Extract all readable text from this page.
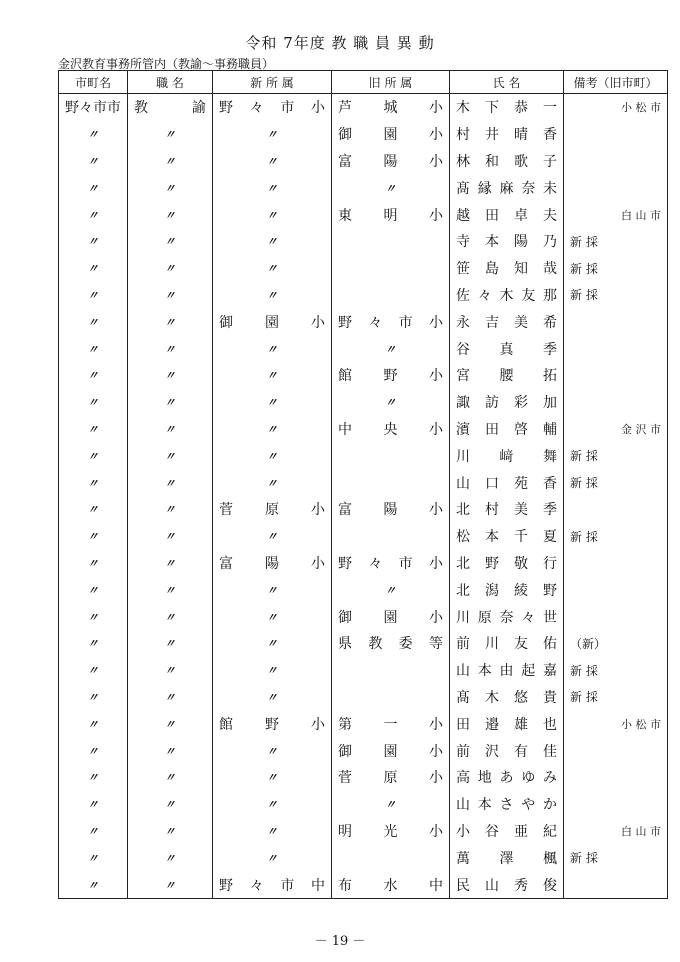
令和 7年度 教 職 員 異 動
金沢教育事務所管内（教諭～事務職員）
市町名	職 名	新 所 属	旧 所 属	氏 名	備考（旧市町）

野々市市	教 諭	野 々 市 小	芦 城 小	木 下 恭 一	小 松 市

〃	〃	〃	御 園 小	村 井 晴 香	

〃	〃	〃	富 陽 小	林 和 歌 子	

〃	〃	〃	〃	髙 縁 麻 奈 未	

〃	〃	〃	東 明 小	越 田 卓 夫	白 山 市

〃	〃	〃		寺 本 陽 乃	新 採

〃	〃	〃		笹 島 知 哉	新 採

〃	〃	〃		佐 々 木 友 那	新 採

〃	〃	御 園 小	野 々 市 小	永 吉 美 希	

〃	〃	〃	〃	谷 真 季	

〃	〃	〃	館 野 小	宮 腰 拓	

〃	〃	〃	〃	諏 訪 彩 加	

〃	〃	〃	中 央 小	濱 田 啓 輔	金 沢 市

〃	〃	〃		川 﨑 舞	新 採

〃	〃	〃		山 口 苑 香	新 採

〃	〃	菅 原 小	富 陽 小	北 村 美 季	

〃	〃	〃		松 本 千 夏	新 採

〃	〃	富 陽 小	野 々 市 小	北 野 敬 行	

〃	〃	〃	〃	北 潟 綾 野	

〃	〃	〃	御 園 小	川 原 奈 々 世	

〃	〃	〃	県 教 委 等	前 川 友 佑	（新）

〃	〃	〃		山 本 由 起 嘉	新 採

〃	〃	〃		髙 木 悠 貴	新 採

〃	〃	館 野 小	第 一 小	田 邉 雄 也	小 松 市

〃	〃	〃	御 園 小	前 沢 有 佳	

〃	〃	〃	菅 原 小	高 地 あ ゆ み	

〃	〃	〃	〃	山 本 さ や か	

〃	〃	〃	明 光 小	小 谷 亜 紀	白 山 市

〃	〃	〃		萬 澤 楓	新 採

〃	〃	野 々 市 中	布 水 中	民 山 秀 俊	

－ 19 －
